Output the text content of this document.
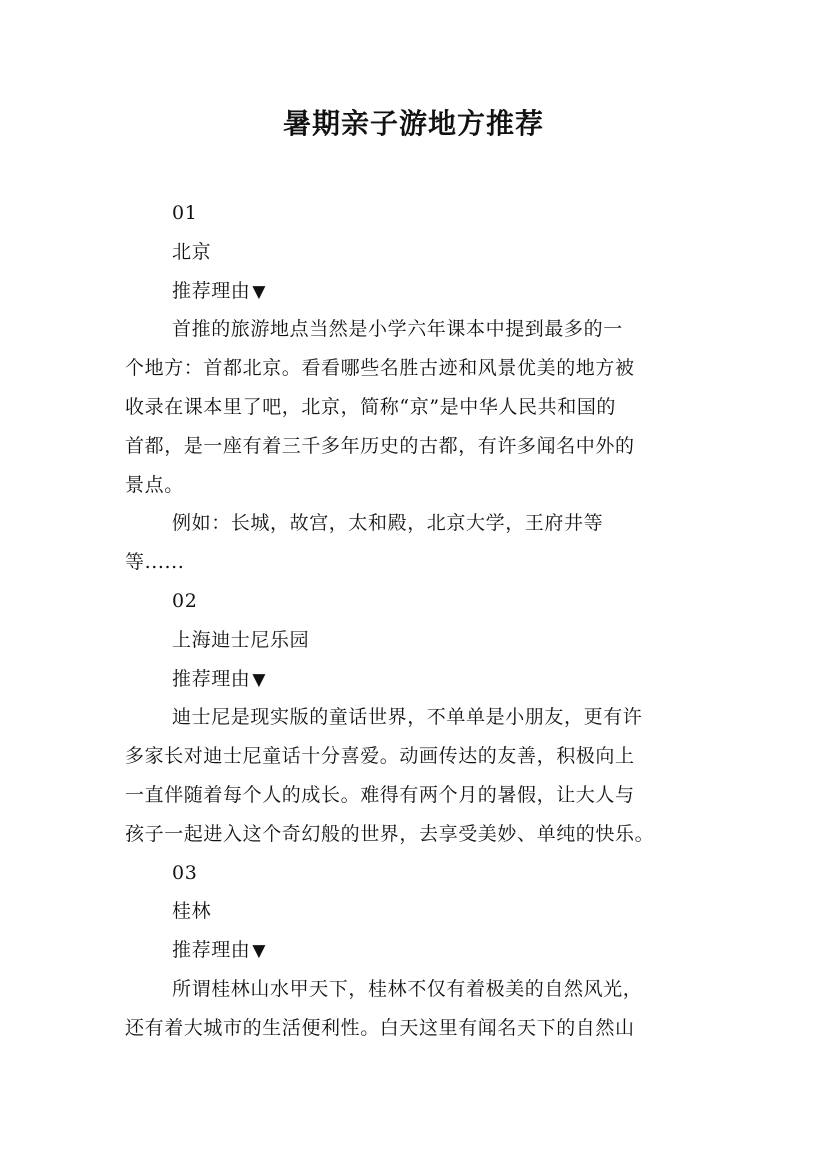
暑期亲子游地方推荐
01
北京
推荐理由 ▼
首推的旅游地点当然是小学六年课本中提到最多的一
个地方：首都北京。看看哪些名胜古迹和风景优美的地方被
收录在课本里了吧，北京，简称“京”是中华人民共和国的
首都，是一座有着三千多年历史的古都，有许多闻名中外的
景点。
例如：长城，故宫，太和殿，北京大学，王府井等
等......
02
上海迪士尼乐园
推荐理由 ▼
迪士尼是现实版的童话世界，不单单是小朋友，更有许
多家长对迪士尼童话十分喜爱。动画传达的友善，积极向上
一直伴随着每个人的成长。难得有两个月的暑假，让大人与
孩子一起进入这个奇幻般的世界，去享受美妙、单纯的快乐。
03
桂林
推荐理由 ▼
所谓桂林山水甲天下，桂林不仅有着极美的自然风光，
还有着大城市的生活便利性。白天这里有闻名天下的自然山
